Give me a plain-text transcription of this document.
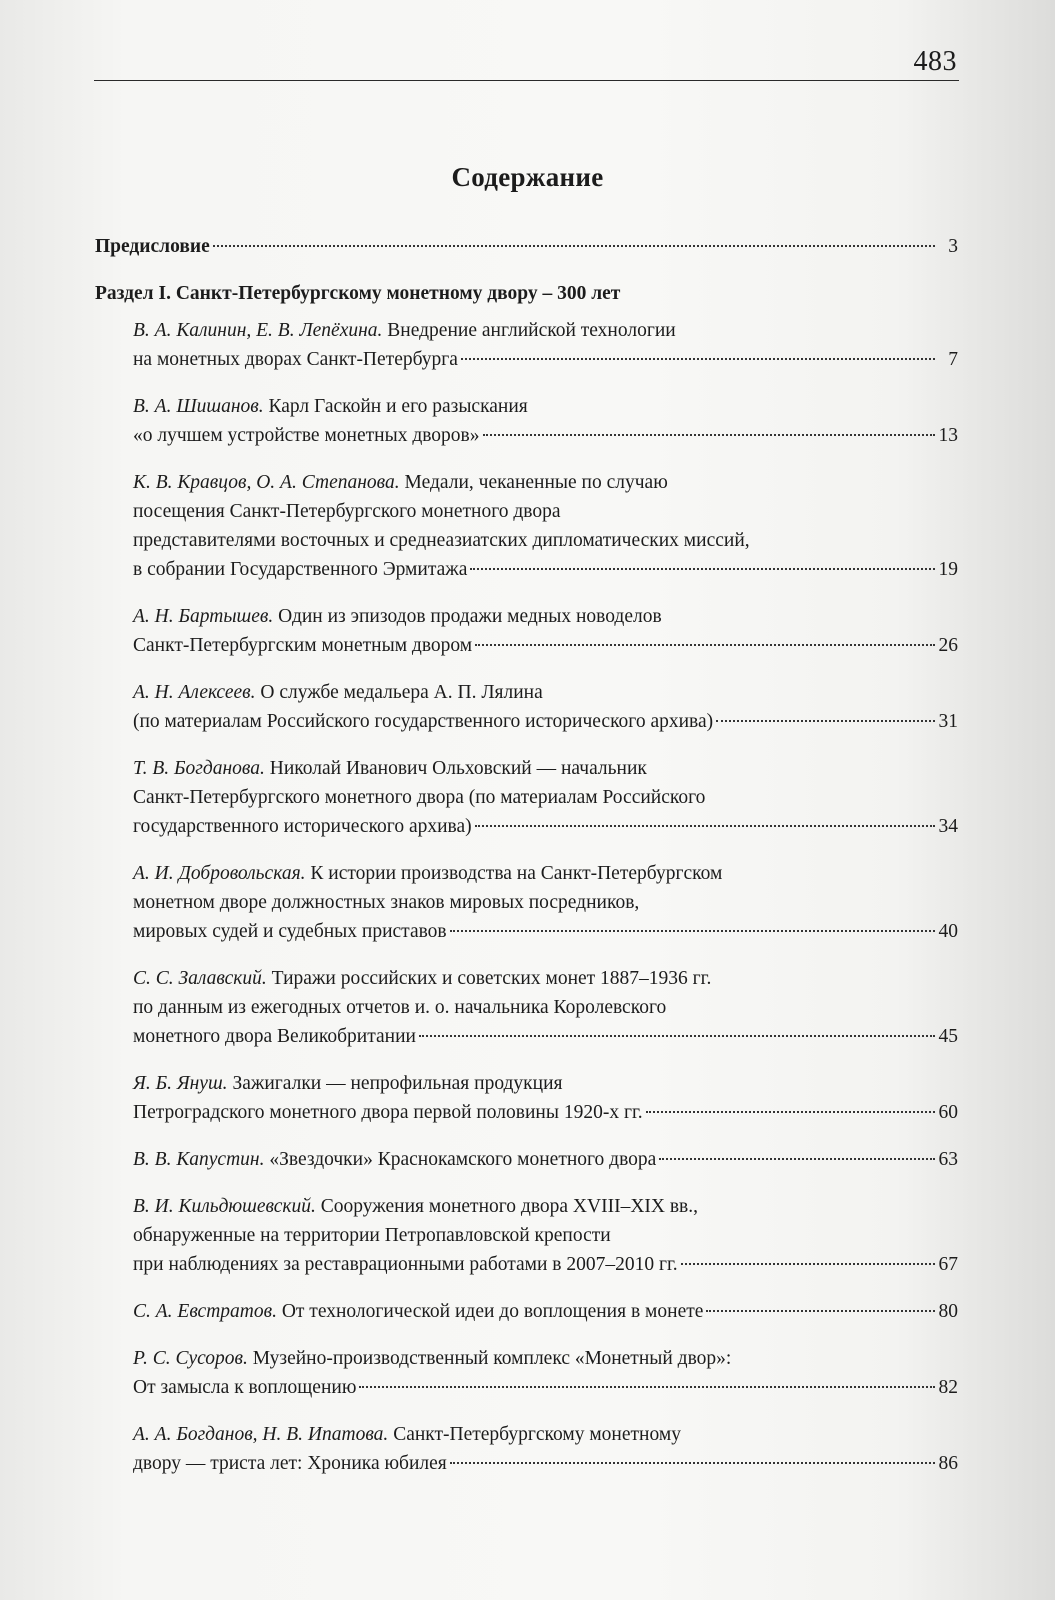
483
Содержание
Предисловие	3
Раздел I. Санкт-Петербургскому монетному двору – 300 лет
В. А. Калинин, Е. В. Лепёхина.
Внедрение английской технологии
на монетных дворах Санкт-Петербурга	7
В. А. Шишанов.
Карл Гаскойн и его разыскания
«о лучшем устройстве монетных дворов»	13
К. В. Кравцов, О. А. Степанова.
Медали, чеканенные по случаю
посещения Санкт-Петербургского монетного двора
представителями восточных и среднеазиатских дипломатических миссий,
в собрании Государственного Эрмитажа	19
А. Н. Бартышев.
Один из эпизодов продажи медных новоделов
Санкт-Петербургским монетным двором	26
А. Н. Алексеев.
О службе медальера А. П. Лялина
(по материалам Российского государственного исторического архива)	31
Т. В. Богданова.
Николай Иванович Ольховский — начальник
Санкт-Петербургского монетного двора (по материалам Российского
государственного исторического архива)	34
А. И. Добровольская.
К истории производства на Санкт-Петербургском
монетном дворе должностных знаков мировых посредников,
мировых судей и судебных приставов	40
С. С. Залавский.
Тиражи российских и советских монет 1887–1936 гг.
по данным из ежегодных отчетов и. о. начальника Королевского
монетного двора Великобритании	45
Я. Б. Януш.
Зажигалки — непрофильная продукция
Петроградского монетного двора первой половины 1920-х гг.	60
В. В. Капустин.
«Звездочки» Краснокамского монетного двора	63
В. И. Кильдюшевский.
Сооружения монетного двора XVIII–XIX вв.,
обнаруженные на территории Петропавловской крепости
при наблюдениях за реставрационными работами в 2007–2010 гг.	67
С. А. Евстратов.
От технологической идеи до воплощения в монете	80
Р. С. Сусоров.
Музейно-производственный комплекс «Монетный двор»:
От замысла к воплощению	82
А. А. Богданов, Н. В. Ипатова.
Санкт-Петербургскому монетному
двору — триста лет: Хроника юбилея	86
